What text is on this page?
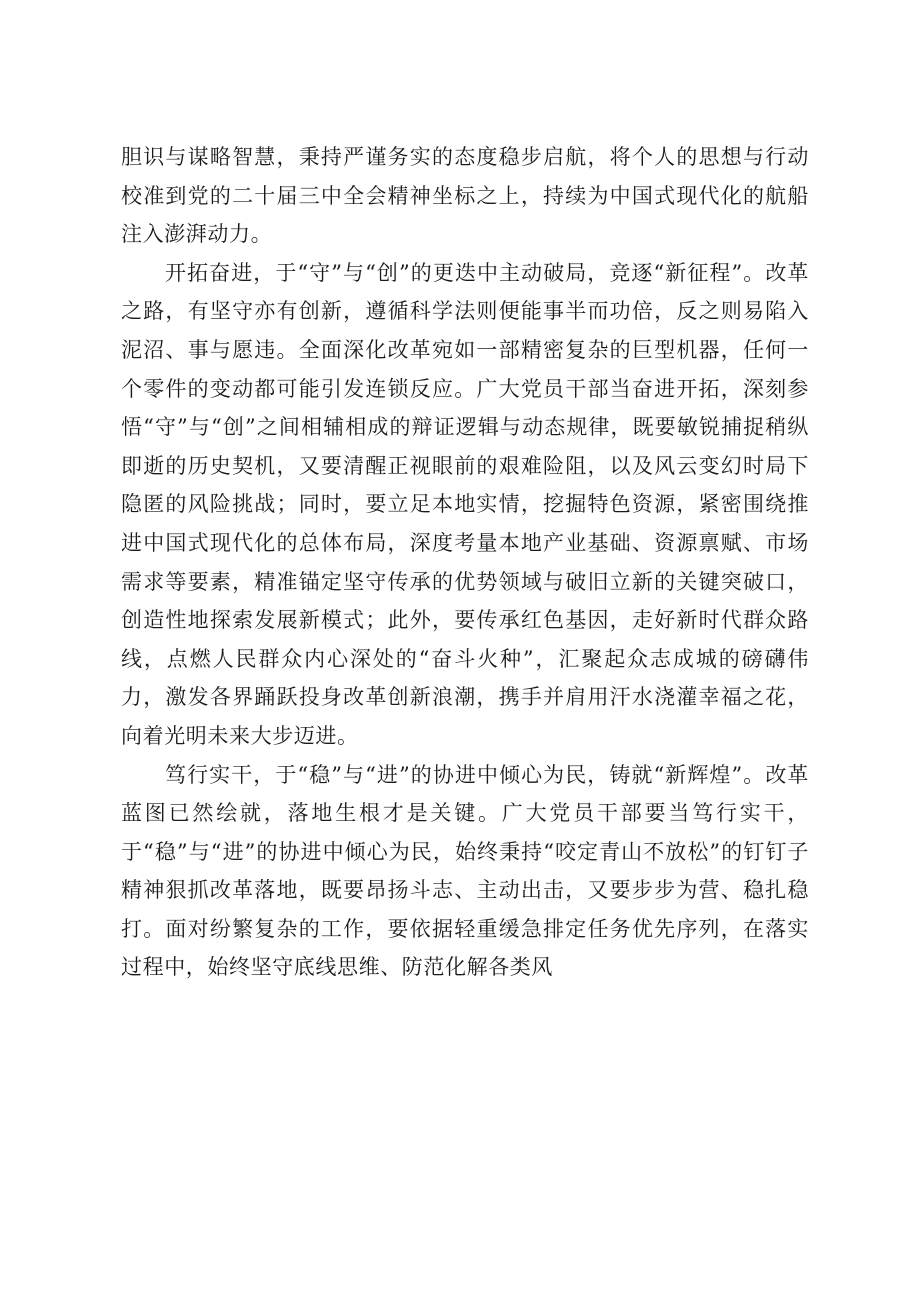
胆识与谋略智慧，秉持严谨务实的态度稳步启航，将个人的思想与行动校准到党的二十届三中全会精神坐标之上，持续为中国式现代化的航船注入澎湃动力。

开拓奋进，于“守”与“创”的更迭中主动破局，竞逐“新征程”。改革之路，有坚守亦有创新，遵循科学法则便能事半而功倍，反之则易陷入泥沼、事与愿违。全面深化改革宛如一部精密复杂的巨型机器，任何一个零件的变动都可能引发连锁反应。广大党员干部当奋进开拓，深刻参悟“守”与“创”之间相辅相成的辩证逻辑与动态规律，既要敏锐捕捉稍纵即逝的历史契机，又要清醒正视眼前的艰难险阻，以及风云变幻时局下隐匿的风险挑战；同时，要立足本地实情，挖掘特色资源，紧密围绕推进中国式现代化的总体布局，深度考量本地产业基础、资源禀赋、市场需求等要素，精准锚定坚守传承的优势领域与破旧立新的关键突破口，创造性地探索发展新模式；此外，要传承红色基因，走好新时代群众路线，点燃人民群众内心深处的“奋斗火种”，汇聚起众志成城的磅礴伟力，激发各界踊跃投身改革创新浪潮，携手并肩用汗水浇灌幸福之花，向着光明未来大步迈进。

笃行实干，于“稳”与“进”的协进中倾心为民，铸就“新辉煌”。改革蓝图已然绘就，落地生根才是关键。广大党员干部要当笃行实干，于“稳”与“进”的协进中倾心为民，始终秉持“咬定青山不放松”的钉钉子精神狠抓改革落地，既要昂扬斗志、主动出击，又要步步为营、稳扎稳打。面对纷繁复杂的工作，要依据轻重缓急排定任务优先序列，在落实过程中，始终坚守底线思维、防范化解各类风
